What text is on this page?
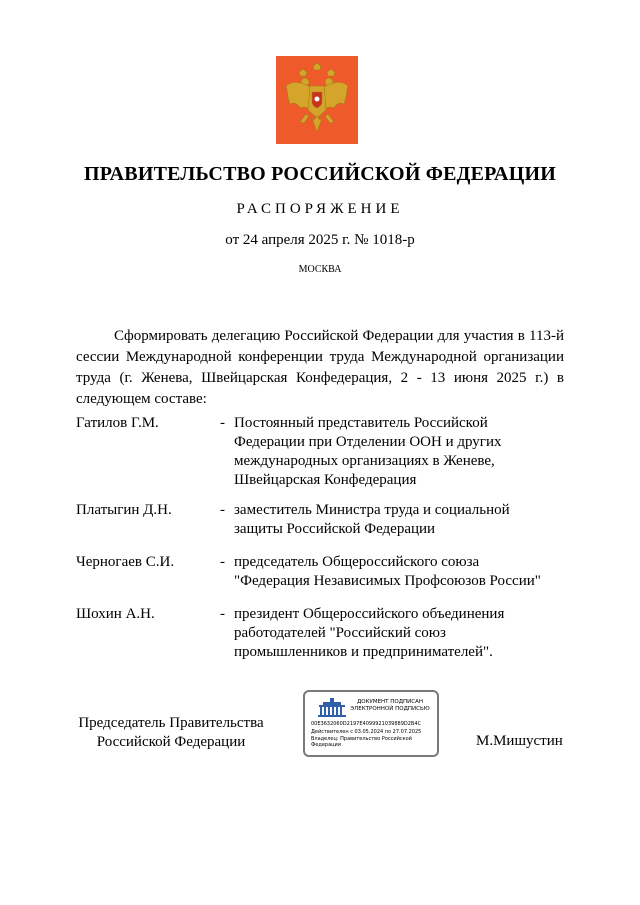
ПРАВИТЕЛЬСТВО РОССИЙСКОЙ ФЕДЕРАЦИИ
РАСПОРЯЖЕНИЕ
от 24 апреля 2025 г. № 1018-р
МОСКВА
Сформировать делегацию Российской Федерации для участия в 113-й сессии Международной конференции труда Международной организации труда (г. Женева, Швейцарская Конфедерация, 2 - 13 июня 2025 г.) в следующем составе:
Гатилов Г.М.	- Постоянный представитель Российской
Федерации при Отделении ООН и других
международных организациях в Женеве,
Швейцарская Конфедерация
Платыгин Д.Н.	- заместитель Министра труда и социальной
защиты Российской Федерации
Черногаев С.И.	- председатель Общероссийского союза
"Федерация Независимых Профсоюзов России"
Шохин А.Н.	- президент Общероссийского объединения
работодателей "Российский союз
промышленников и предпринимателей".
Председатель Правительства
Российской Федерации
ДОКУМЕНТ ПОДПИСАН
ЭЛЕКТРОННОЙ ПОДПИСЬЮ
00E3632060D2197E4099921039889D2B4C
Действителен с 03.05.2024 по 27.07.2025
Владелец: Правительство Российской
Федерации	М.Мишустин
